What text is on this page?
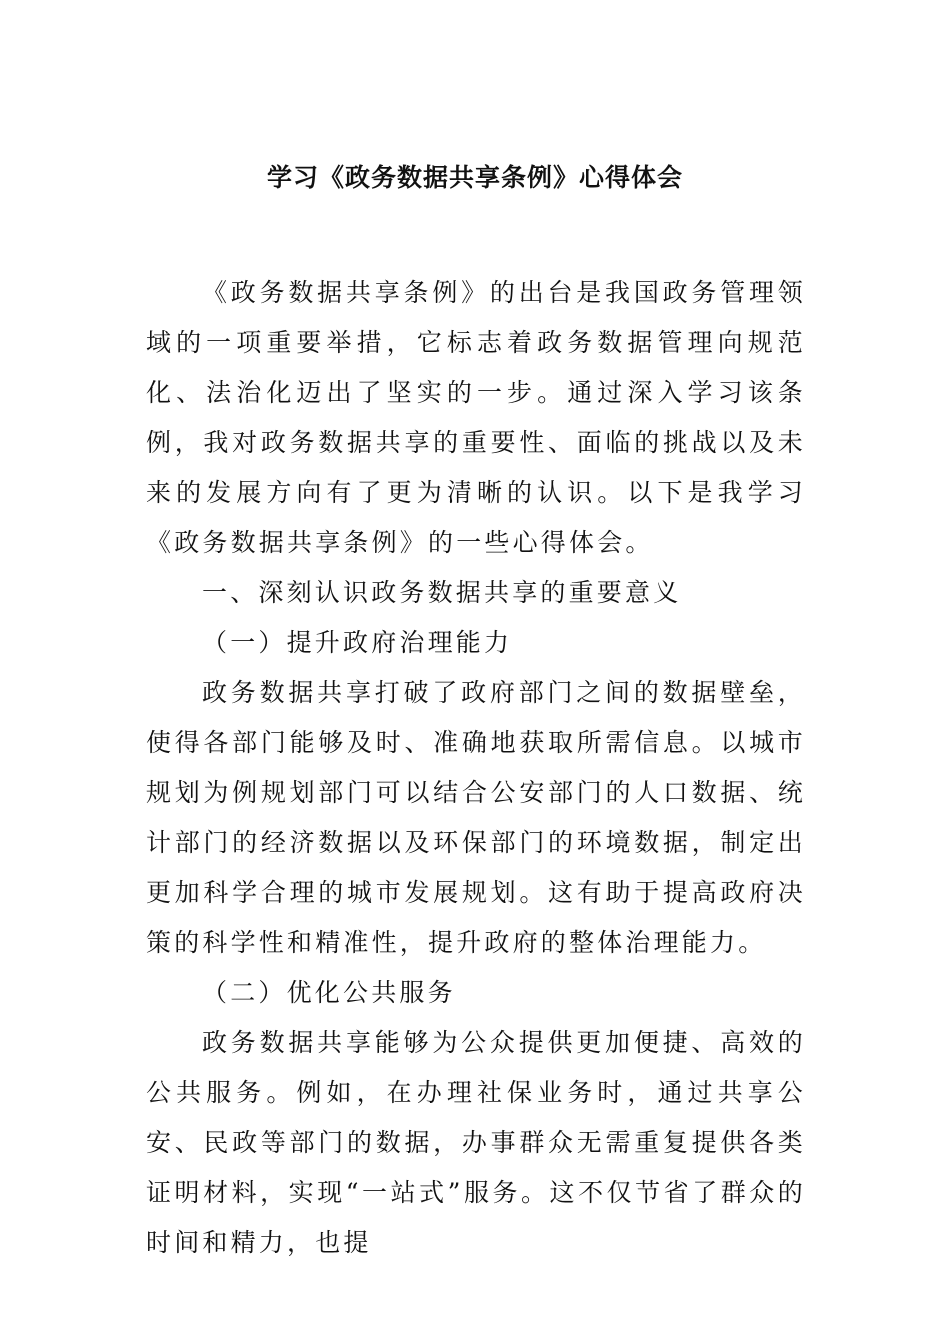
学习《政务数据共享条例》心得体会

《政务数据共享条例》的出台是我国政务管理领域的一项重要举措，它标志着政务数据管理向规范化、法治化迈出了坚实的一步。通过深入学习该条例，我对政务数据共享的重要性、面临的挑战以及未来的发展方向有了更为清晰的认识。以下是我学习《政务数据共享条例》的一些心得体会。

一、深刻认识政务数据共享的重要意义

（一）提升政府治理能力

政务数据共享打破了政府部门之间的数据壁垒，使得各部门能够及时、准确地获取所需信息。以城市规划为例规划部门可以结合公安部门的人口数据、统计部门的经济数据以及环保部门的环境数据，制定出更加科学合理的城市发展规划。这有助于提高政府决策的科学性和精准性，提升政府的整体治理能力。

（二）优化公共服务

政务数据共享能够为公众提供更加便捷、高效的公共服务。例如，在办理社保业务时，通过共享公安、民政等部门的数据，办事群众无需重复提供各类证明材料，实现“一站式”服务。这不仅节省了群众的时间和精力，也提
